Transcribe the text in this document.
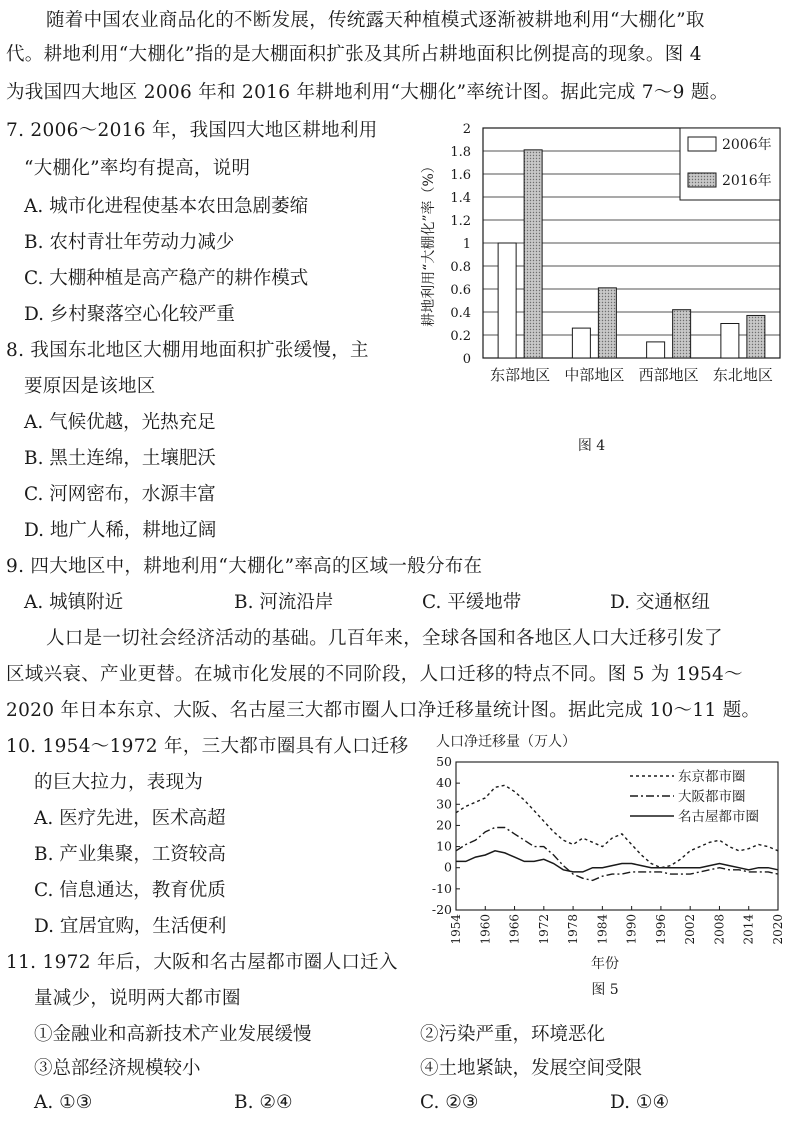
随着中国农业商品化的不断发展，传统露天种植模式逐渐被耕地利用“大棚化”取
代。耕地利用“大棚化”指的是大棚面积扩张及其所占耕地面积比例提高的现象。图 4
为我国四大地区 2006 年和 2016 年耕地利用“大棚化”率统计图。据此完成 7～9 题。
7. 2006～2016 年，我国四大地区耕地利用
“大棚化”率均有提高，说明
A. 城市化进程使基本农田急剧萎缩
B. 农村青壮年劳动力减少
C. 大棚种植是高产稳产的耕作模式
D. 乡村聚落空心化较严重
8. 我国东北地区大棚用地面积扩张缓慢，主
要原因是该地区
A. 气候优越，光热充足
B. 黑土连绵，土壤肥沃
C. 河网密布，水源丰富
D. 地广人稀，耕地辽阔
0
0.2
0.4
0.6
0.8
1
1.2
1.4
1.6
1.8
2
耕地利用“大棚化”率（%）
东部地区 中部地区 西部地区 东北地区
2006年
2016年
图 4
9. 四大地区中，耕地利用“大棚化”率高的区域一般分布在
A. 城镇附近	B. 河流沿岸	C. 平缓地带	D. 交通枢纽
人口是一切社会经济活动的基础。几百年来，全球各国和各地区人口大迁移引发了
区域兴衰、产业更替。在城市化发展的不同阶段，人口迁移的特点不同。图 5 为 1954～
2020 年日本东京、大阪、名古屋三大都市圈人口净迁移量统计图。据此完成 10～11 题。
10. 1954～1972 年，三大都市圈具有人口迁移
的巨大拉力，表现为
A. 医疗先进，医术高超
B. 产业集聚，工资较高
C. 信息通达，教育优质
D. 宜居宜购，生活便利
人口净迁移量（万人）
-20
-10
0
10
20
30
40
50
1954 1960 1966 1972 1978 1984 1990 1996 2002 2008 2014 2020
年份
东京都市圈
大阪都市圈
名古屋都市圈
图 5
11. 1972 年后，大阪和名古屋都市圈人口迁入
量减少，说明两大都市圈
①金融业和高新技术产业发展缓慢	②污染严重，环境恶化
③总部经济规模较小	④土地紧缺，发展空间受限
A. ①③	B. ②④	C. ②③	D. ①④
